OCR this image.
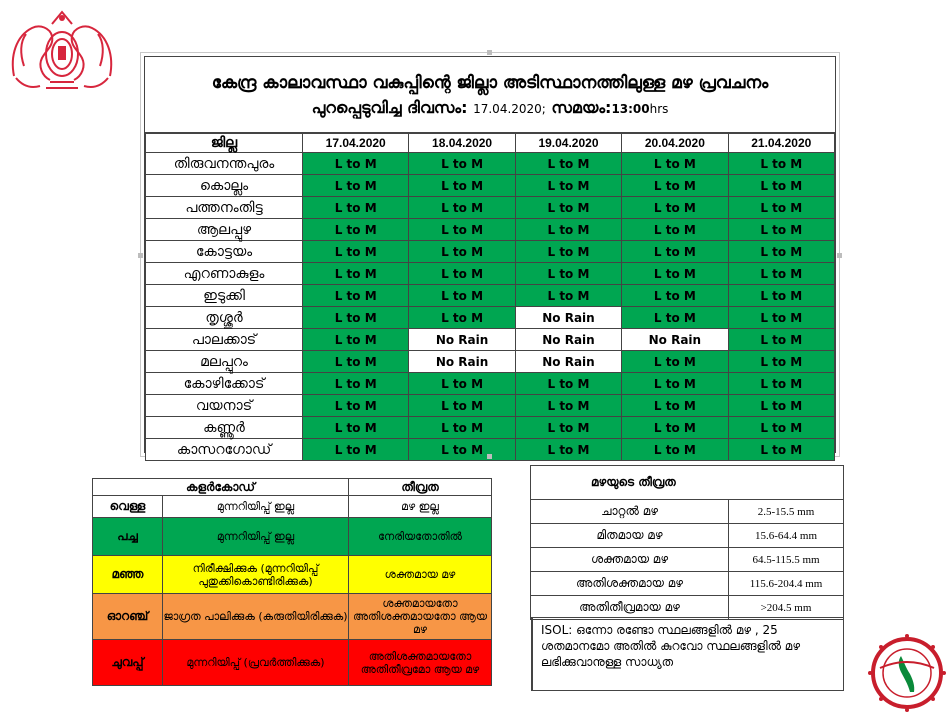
കേന്ദ്ര കാലാവസ്ഥാ വകുപ്പിന്റെ ജില്ലാ അടിസ്ഥാനത്തിലുള്ള മഴ പ്രവചനം
പുറപ്പെടുവിച്ച ദിവസം: 17.04.2020; സമയം:13:00hrs
ജില്ല	17.04.2020	18.04.2020	19.04.2020	20.04.2020	21.04.2020
തിരുവനന്തപുരം	L to M	L to M	L to M	L to M	L to M
കൊല്ലം	L to M	L to M	L to M	L to M	L to M
പത്തനംതിട്ട	L to M	L to M	L to M	L to M	L to M
ആലപ്പുഴ	L to M	L to M	L to M	L to M	L to M
കോട്ടയം	L to M	L to M	L to M	L to M	L to M
എറണാകുളം	L to M	L to M	L to M	L to M	L to M
ഇടുക്കി	L to M	L to M	L to M	L to M	L to M
തൃശ്ശൂർ	L to M	L to M	No Rain	L to M	L to M
പാലക്കാട്	L to M	No Rain	No Rain	No Rain	L to M
മലപ്പുറം	L to M	No Rain	No Rain	L to M	L to M
കോഴിക്കോട്	L to M	L to M	L to M	L to M	L to M
വയനാട്	L to M	L to M	L to M	L to M	L to M
കണ്ണൂർ	L to M	L to M	L to M	L to M	L to M
കാസറഗോഡ്	L to M	L to M	L to M	L to M	L to M
കളർകോഡ്		തീവ്രത
വെള്ള	മുന്നറിയിപ്പ് ഇല്ല	മഴ ഇല്ല
പച്ച	മുന്നറിയിപ്പ് ഇല്ല	നേരിയതോതിൽ
മഞ്ഞ	നിരീക്ഷിക്കുക (മുന്നറിയിപ്പ് പുതുക്കികൊണ്ടിരിക്കുക)	ശക്തമായ മഴ
ഓറഞ്ച്	ജാഗ്രത പാലിക്കുക (കരുതിയിരിക്കുക)	ശക്തമായതോ അതിശക്തമായതോ ആയ മഴ
ചുവപ്പ്	മുന്നറിയിപ്പ് (പ്രവർത്തിക്കുക)	അതിശക്തമായതോ അതിതീവ്രമോ ആയ മഴ
മഴയുടെ തീവ്രത	
ചാറ്റൽ മഴ	2.5-15.5 mm
മിതമായ മഴ	15.6-64.4 mm
ശക്തമായ മഴ	64.5-115.5 mm
അതിശക്തമായ മഴ	115.6-204.4 mm
അതിതീവ്രമായ മഴ	>204.5 mm
ISOL: ഒന്നോ രണ്ടോ സ്ഥലങ്ങളിൽ മഴ , 25 ശതമാനമോ അതിൽ കുറവോ സ്ഥലങ്ങളിൽ മഴ ലഭിക്കുവാനുള്ള സാധ്യത
